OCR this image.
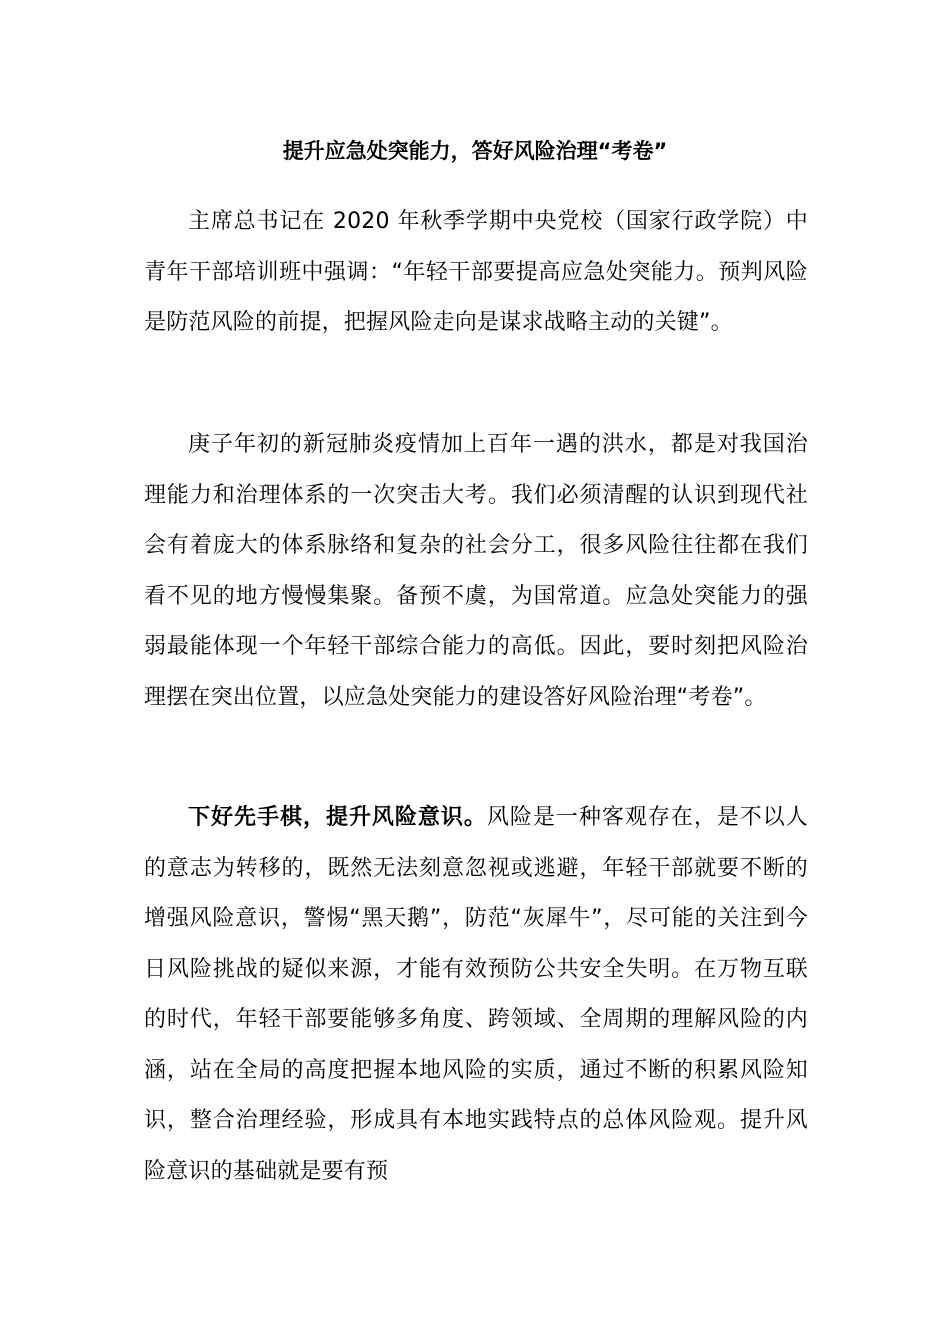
提升应急处突能力，答好风险治理“考卷”

主席总书记在 2020 年秋季学期中央党校（国家行政学院）中青年干部培训班中强调：“年轻干部要提高应急处突能力。预判风险是防范风险的前提，把握风险走向是谋求战略主动的关键”。

庚子年初的新冠肺炎疫情加上百年一遇的洪水，都是对我国治理能力和治理体系的一次突击大考。我们必须清醒的认识到现代社会有着庞大的体系脉络和复杂的社会分工，很多风险往往都在我们看不见的地方慢慢集聚。备预不虞，为国常道。应急处突能力的强弱最能体现一个年轻干部综合能力的高低。因此，要时刻把风险治理摆在突出位置，以应急处突能力的建设答好风险治理“考卷”。

下好先手棋，提升风险意识。风险是一种客观存在，是不以人的意志为转移的，既然无法刻意忽视或逃避，年轻干部就要不断的增强风险意识，警惕“黑天鹅”，防范“灰犀牛”，尽可能的关注到今日风险挑战的疑似来源，才能有效预防公共安全失明。在万物互联的时代，年轻干部要能够多角度、跨领域、全周期的理解风险的内涵，站在全局的高度把握本地风险的实质，通过不断的积累风险知识，整合治理经验，形成具有本地实践特点的总体风险观。提升风险意识的基础就是要有预
